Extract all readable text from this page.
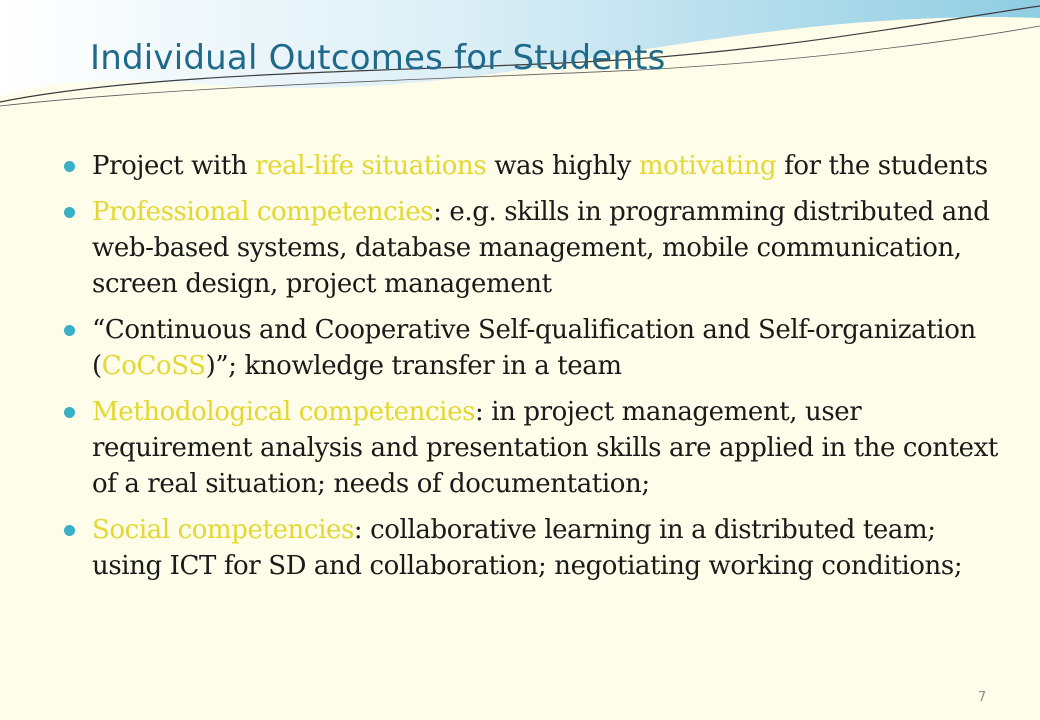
Individual Outcomes for Students
Project with real-life situations was highly motivating for the students
Professional competencies: e.g. skills in programming distributed and web-based systems, database management, mobile communication, screen design, project management
“Continuous and Cooperative Self-qualification and Self-organization (CoCoSS)”; knowledge transfer in a team
Methodological competencies: in project management, user requirement analysis and presentation skills are applied in the context of a real situation; needs of documentation;
Social competencies: collaborative learning in a distributed team; using ICT for SD and collaboration; negotiating working conditions;
7
